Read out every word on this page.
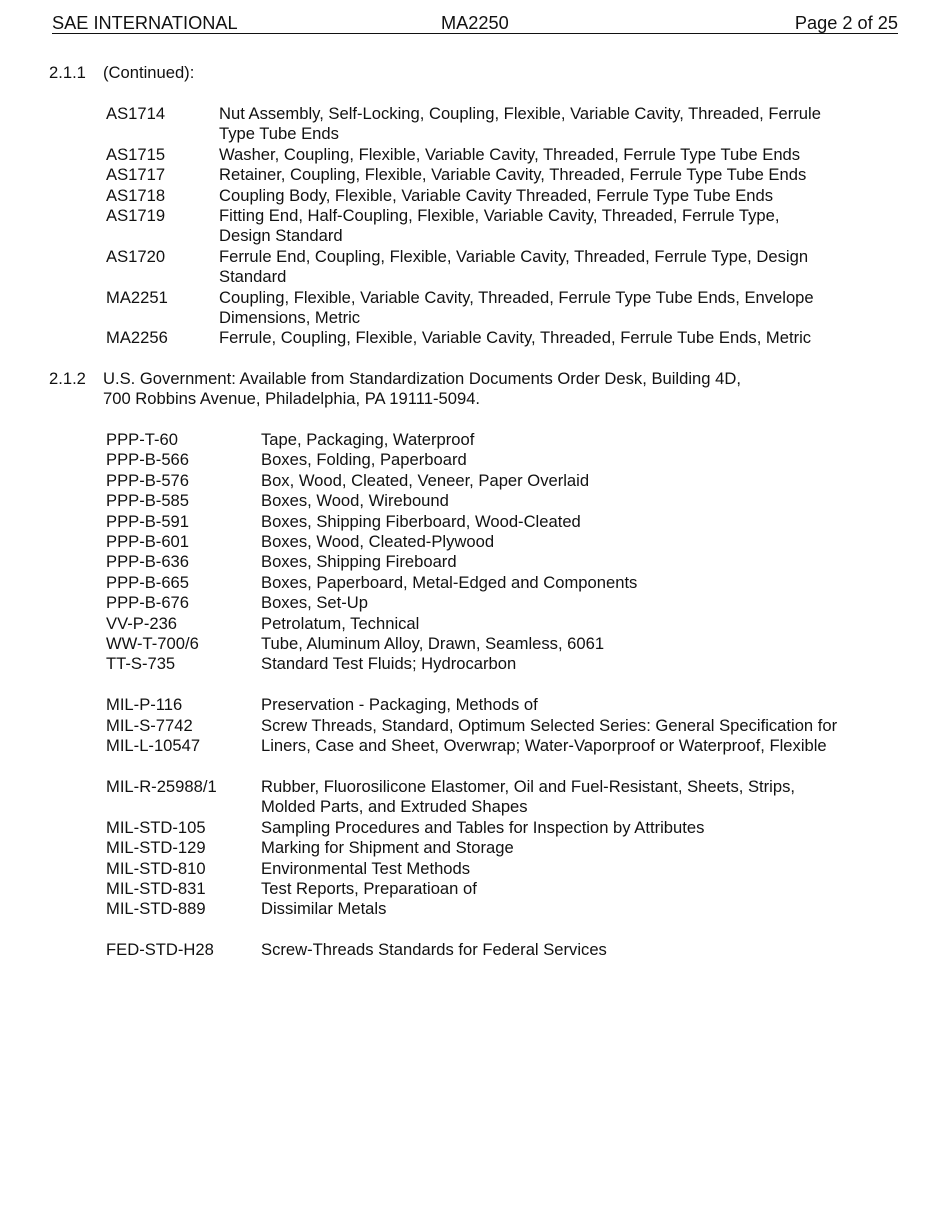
SAE INTERNATIONAL	MA2250	Page 2 of 25
2.1.1 (Continued):
AS1714	Nut Assembly, Self-Locking, Coupling, Flexible, Variable Cavity, Threaded, Ferrule
Type Tube Ends
AS1715	Washer, Coupling, Flexible, Variable Cavity, Threaded, Ferrule Type Tube Ends
AS1717	Retainer, Coupling, Flexible, Variable Cavity, Threaded, Ferrule Type Tube Ends
AS1718	Coupling Body, Flexible, Variable Cavity Threaded, Ferrule Type Tube Ends
AS1719	Fitting End, Half-Coupling, Flexible, Variable Cavity, Threaded, Ferrule Type,
Design Standard
AS1720	Ferrule End, Coupling, Flexible, Variable Cavity, Threaded, Ferrule Type, Design
Standard
MA2251	Coupling, Flexible, Variable Cavity, Threaded, Ferrule Type Tube Ends, Envelope
Dimensions, Metric
MA2256	Ferrule, Coupling, Flexible, Variable Cavity, Threaded, Ferrule Tube Ends, Metric
2.1.2 U.S. Government: Available from Standardization Documents Order Desk, Building 4D,
700 Robbins Avenue, Philadelphia, PA 19111-5094.
PPP-T-60	Tape, Packaging, Waterproof
PPP-B-566	Boxes, Folding, Paperboard
PPP-B-576	Box, Wood, Cleated, Veneer, Paper Overlaid
PPP-B-585	Boxes, Wood, Wirebound
PPP-B-591	Boxes, Shipping Fiberboard, Wood-Cleated
PPP-B-601	Boxes, Wood, Cleated-Plywood
PPP-B-636	Boxes, Shipping Fireboard
PPP-B-665	Boxes, Paperboard, Metal-Edged and Components
PPP-B-676	Boxes, Set-Up
VV-P-236	Petrolatum, Technical
WW-T-700/6	Tube, Aluminum Alloy, Drawn, Seamless, 6061
TT-S-735	Standard Test Fluids; Hydrocarbon
MIL-P-116	Preservation - Packaging, Methods of
MIL-S-7742	Screw Threads, Standard, Optimum Selected Series: General Specification for
MIL-L-10547	Liners, Case and Sheet, Overwrap; Water-Vaporproof or Waterproof, Flexible
MIL-R-25988/1	Rubber, Fluorosilicone Elastomer, Oil and Fuel-Resistant, Sheets, Strips,
Molded Parts, and Extruded Shapes
MIL-STD-105	Sampling Procedures and Tables for Inspection by Attributes
MIL-STD-129	Marking for Shipment and Storage
MIL-STD-810	Environmental Test Methods
MIL-STD-831	Test Reports, Preparatioan of
MIL-STD-889	Dissimilar Metals
FED-STD-H28	Screw-Threads Standards for Federal Services
